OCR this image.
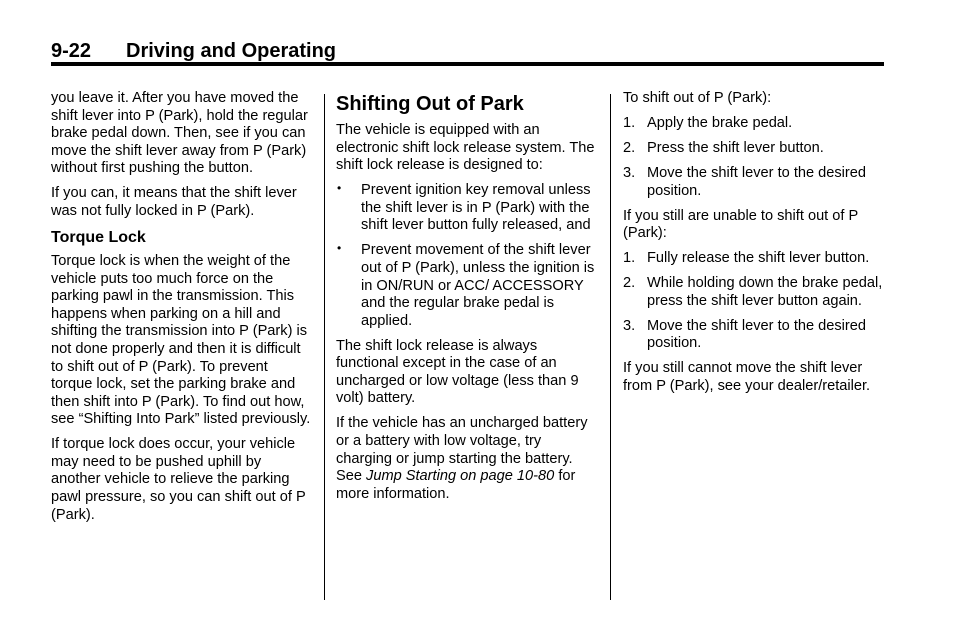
9-22 Driving and Operating

you leave it. After you have moved the shift lever into P (Park), hold the regular brake pedal down. Then, see if you can move the shift lever away from P (Park) without first pushing the button.

If you can, it means that the shift lever was not fully locked in P (Park).

Torque Lock

Torque lock is when the weight of the vehicle puts too much force on the parking pawl in the transmission. This happens when parking on a hill and shifting the transmission into P (Park) is not done properly and then it is difficult to shift out of P (Park). To prevent torque lock, set the parking brake and then shift into P (Park). To find out how, see “Shifting Into Park” listed previously.

If torque lock does occur, your vehicle may need to be pushed uphill by another vehicle to relieve the parking pawl pressure, so you can shift out of P (Park).

Shifting Out of Park

The vehicle is equipped with an electronic shift lock release system. The shift lock release is designed to:

• Prevent ignition key removal unless the shift lever is in P (Park) with the shift lever button fully released, and
• Prevent movement of the shift lever out of P (Park), unless the ignition is in ON/RUN or ACC/ ACCESSORY and the regular brake pedal is applied.

The shift lock release is always functional except in the case of an uncharged or low voltage (less than 9 volt) battery.

If the vehicle has an uncharged battery or a battery with low voltage, try charging or jump starting the battery. See Jump Starting on page 10-80 for more information.

To shift out of P (Park):

1. Apply the brake pedal.
2. Press the shift lever button.
3. Move the shift lever to the desired position.

If you still are unable to shift out of P (Park):

1. Fully release the shift lever button.
2. While holding down the brake pedal, press the shift lever button again.
3. Move the shift lever to the desired position.

If you still cannot move the shift lever from P (Park), see your dealer/retailer.
